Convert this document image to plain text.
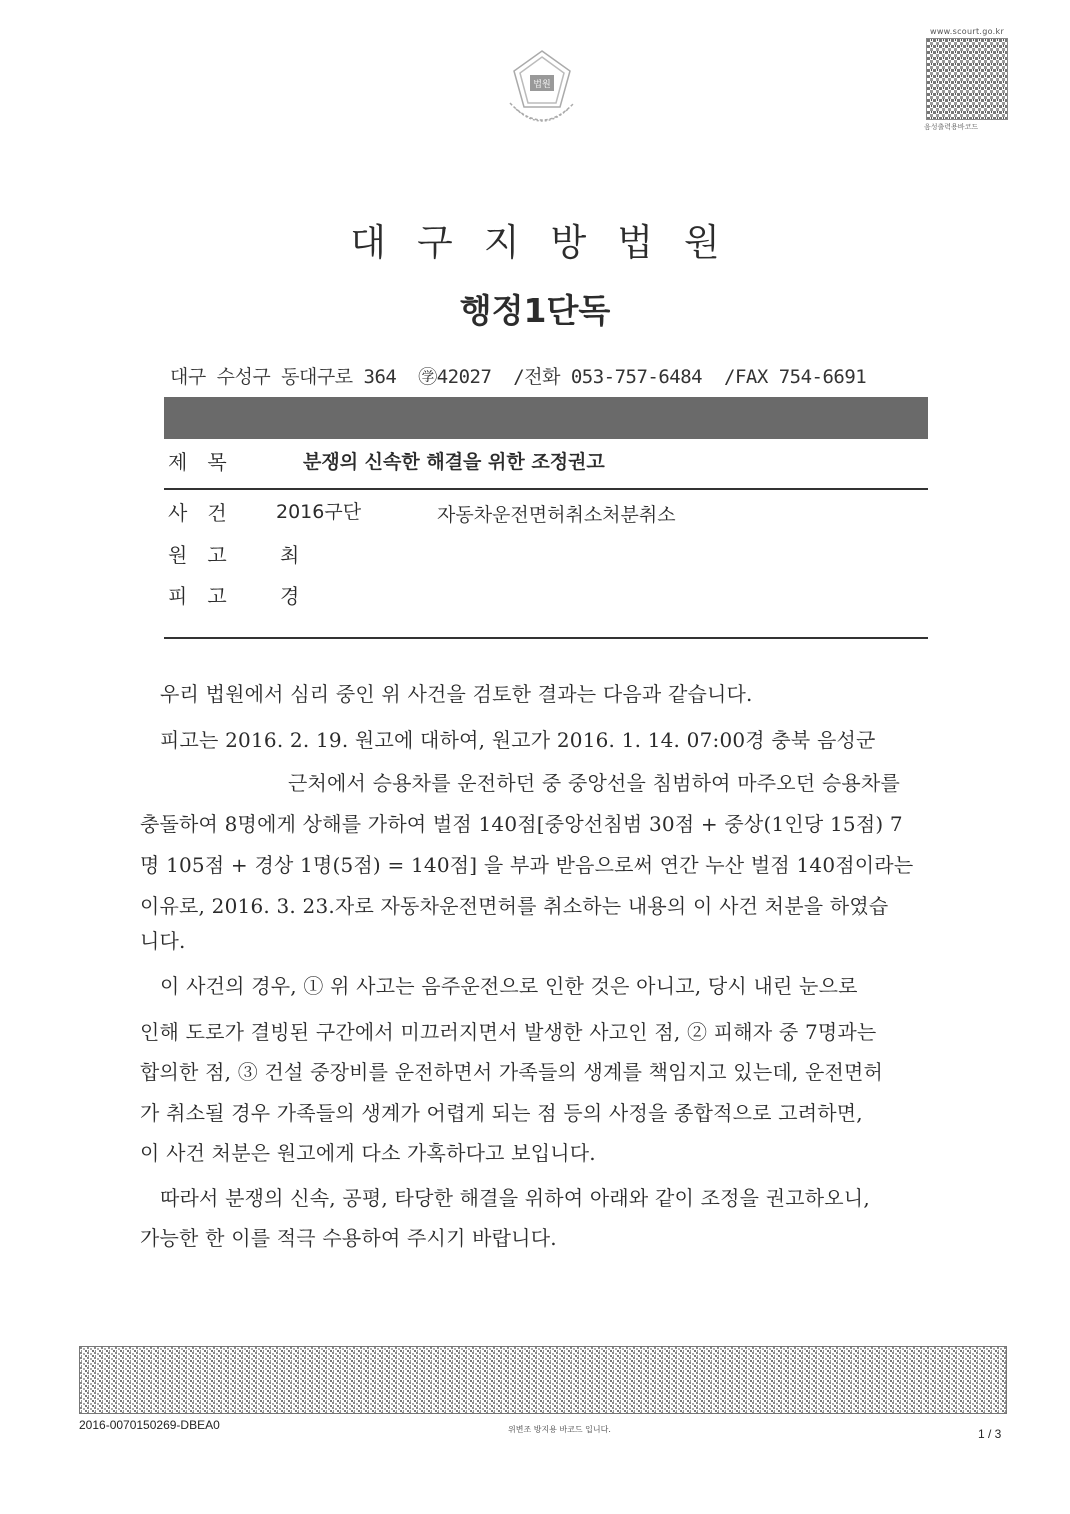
법원
www.scourt.go.kr
음성출력용바코드
대구지방법원
행정1단독
대구 수성구 동대구로 364  ㊫42027  /전화 053-757-6484  /FAX 754-6691
제목	분쟁의 신속한 해결을 위한 조정권고
사건 2016구단	자동차운전면허취소처분취소
원고 최
피고 경
우리 법원에서 심리 중인 위 사건을 검토한 결과는 다음과 같습니다.
피고는 2016. 2. 19. 원고에 대하여, 원고가 2016. 1. 14. 07:00경 충북 음성군
근처에서 승용차를 운전하던 중 중앙선을 침범하여 마주오던 승용차를
충돌하여 8명에게 상해를 가하여 벌점 140점[중앙선침범 30점 + 중상(1인당 15점) 7
명 105점 + 경상 1명(5점) = 140점] 을 부과 받음으로써 연간 누산 벌점 140점이라는
이유로, 2016. 3. 23.자로 자동차운전면허를 취소하는 내용의 이 사건 처분을 하였습
니다.
이 사건의 경우, ① 위 사고는 음주운전으로 인한 것은 아니고, 당시 내린 눈으로
인해 도로가 결빙된 구간에서 미끄러지면서 발생한 사고인 점, ② 피해자 중 7명과는
합의한 점, ③ 건설 중장비를 운전하면서 가족들의 생계를 책임지고 있는데, 운전면허
가 취소될 경우 가족들의 생계가 어렵게 되는 점 등의 사정을 종합적으로 고려하면,
이 사건 처분은 원고에게 다소 가혹하다고 보입니다.
따라서 분쟁의 신속, 공평, 타당한 해결을 위하여 아래와 같이 조정을 권고하오니,
가능한 한 이를 적극 수용하여 주시기 바랍니다.
2016-0070150269-DBEA0	위변조 방지용 바코드 입니다.	1 / 3
